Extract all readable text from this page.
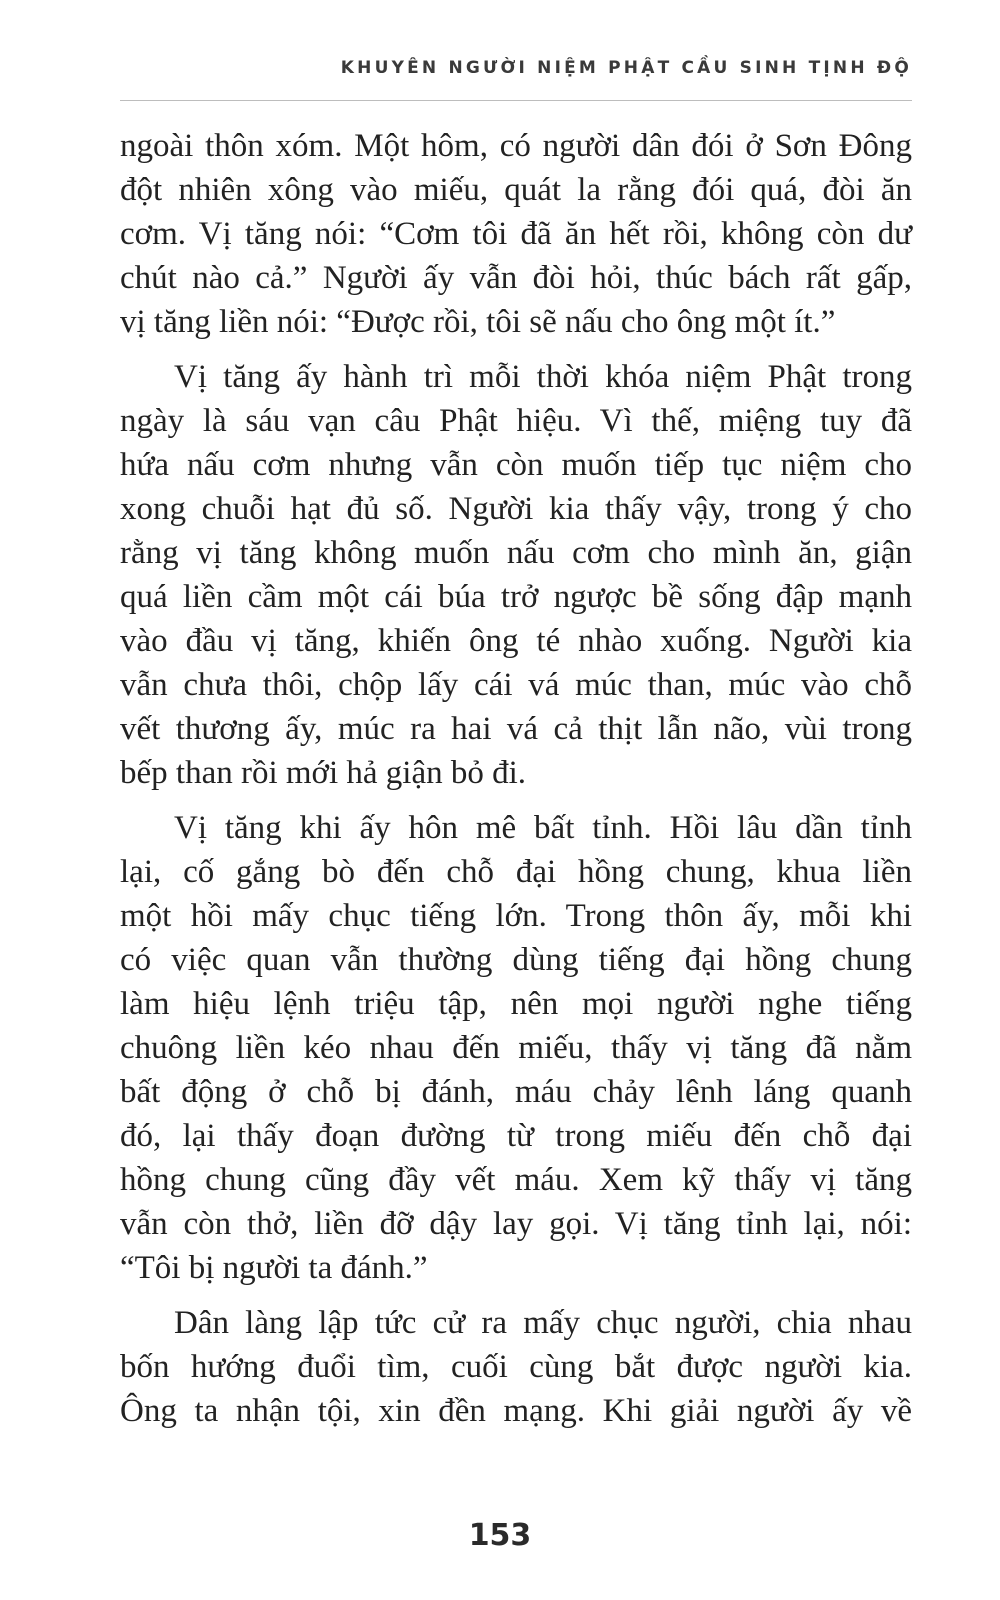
KHUYÊN NGƯỜI NIỆM PHẬT CẦU SINH TỊNH ĐỘ
ngoài thôn xóm. Một hôm, có người dân đói ở Sơn Đông
đột nhiên xông vào miếu, quát la rằng đói quá, đòi ăn
cơm. Vị tăng nói: “Cơm tôi đã ăn hết rồi, không còn dư
chút nào cả.” Người ấy vẫn đòi hỏi, thúc bách rất gấp,
vị tăng liền nói: “Được rồi, tôi sẽ nấu cho ông một ít.”
Vị tăng ấy hành trì mỗi thời khóa niệm Phật trong
ngày là sáu vạn câu Phật hiệu. Vì thế, miệng tuy đã
hứa nấu cơm nhưng vẫn còn muốn tiếp tục niệm cho
xong chuỗi hạt đủ số. Người kia thấy vậy, trong ý cho
rằng vị tăng không muốn nấu cơm cho mình ăn, giận
quá liền cầm một cái búa trở ngược bề sống đập mạnh
vào đầu vị tăng, khiến ông té nhào xuống. Người kia
vẫn chưa thôi, chộp lấy cái vá múc than, múc vào chỗ
vết thương ấy, múc ra hai vá cả thịt lẫn não, vùi trong
bếp than rồi mới hả giận bỏ đi.
Vị tăng khi ấy hôn mê bất tỉnh. Hồi lâu dần tỉnh
lại, cố gắng bò đến chỗ đại hồng chung, khua liền
một hồi mấy chục tiếng lớn. Trong thôn ấy, mỗi khi
có việc quan vẫn thường dùng tiếng đại hồng chung
làm hiệu lệnh triệu tập, nên mọi người nghe tiếng
chuông liền kéo nhau đến miếu, thấy vị tăng đã nằm
bất động ở chỗ bị đánh, máu chảy lênh láng quanh
đó, lại thấy đoạn đường từ trong miếu đến chỗ đại
hồng chung cũng đầy vết máu. Xem kỹ thấy vị tăng
vẫn còn thở, liền đỡ dậy lay gọi. Vị tăng tỉnh lại, nói:
“Tôi bị người ta đánh.”
Dân làng lập tức cử ra mấy chục người, chia nhau
bốn hướng đuổi tìm, cuối cùng bắt được người kia.
Ông ta nhận tội, xin đền mạng. Khi giải người ấy về
153
